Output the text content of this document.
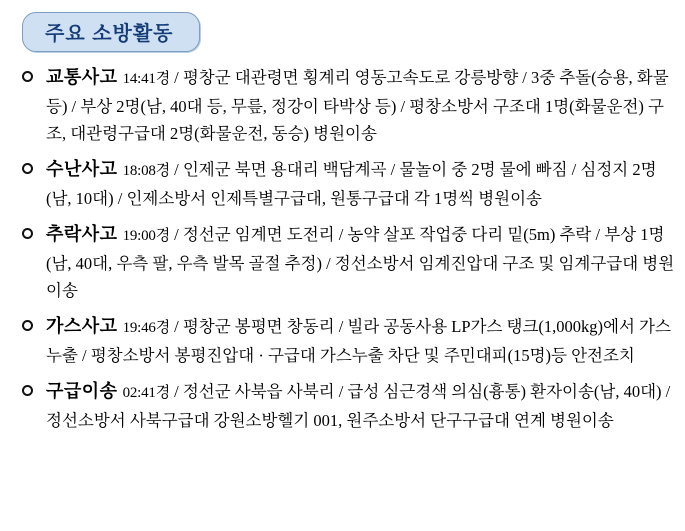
주요 소방활동
교통사고 14:41경 / 평창군 대관령면 횡계리 영동고속도로 강릉방향 / 3중 추돌(승용, 화물 등) / 부상 2명(남, 40대 등, 무릎, 정강이 타박상 등) / 평창소방서 구조대 1명(화물운전) 구조, 대관령구급대 2명(화물운전, 동승) 병원이송
수난사고 18:08경 / 인제군 북면 용대리 백담계곡 / 물놀이 중 2명 물에 빠짐 / 심정지 2명(남, 10대) / 인제소방서 인제특별구급대, 원통구급대 각 1명씩 병원이송
추락사고 19:00경 / 정선군 임계면 도전리 / 농약 살포 작업중 다리 밑(5m) 추락 / 부상 1명(남, 40대, 우측 팔, 우측 발목 골절 추정) / 정선소방서 임계진압대 구조 및 임계구급대 병원이송
가스사고 19:46경 / 평창군 봉평면 창동리 / 빌라 공동사용 LP가스 탱크(1,000kg)에서 가스누출 / 평창소방서 봉평진압대 · 구급대 가스누출 차단 및 주민대피(15명)등 안전조치
구급이송 02:41경 / 정선군 사북읍 사북리 / 급성 심근경색 의심(흉통) 환자이송(남, 40대) / 정선소방서 사북구급대 강원소방헬기 001, 원주소방서 단구구급대 연계 병원이송
